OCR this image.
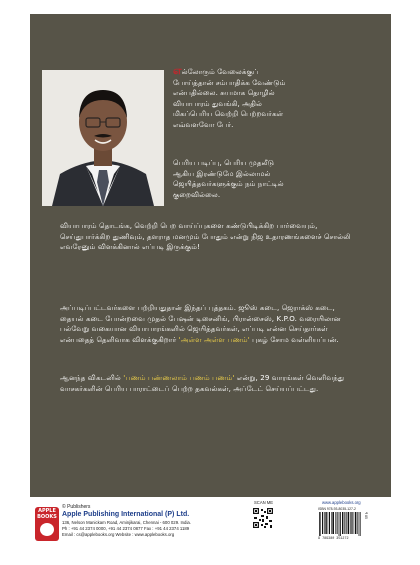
எல்லோரும் வேலைக்குப் போய்த்தான் சம்பாதிக்க வேண்டும் என்பதில்லை. சுயமாக தொழில் வியாபாரம் துவங்கி, அதில் மிகப்பெரிய வெற்றி பெற்றவர்கள் எவ்வளவோ பேர்.

பெரிய படிப்பு, பெரிய முதலீடு ஆகிய இரண்டுமே இல்லாமல் ஜெயித்தவர்களுக்கும் நம் நாட்டில் குறைவில்லை.

வியாபாரம் தொடங்க, வெற்றி பெற வாய்ப்புகளை கண்டுபிடிக்கிற பார்வையும், செய்துபார்க்கிற துணிவும், தளராத மனமும் போதும் என்று நிஜ உதாரணங்களைச் சொல்லி எவரேனும் விளக்கினால் எப்படி இருக்கும்!

அப்படிப்பட்டவர்களை பற்றியதுதான் இந்தப் புத்தகம். ஜூஸ் கடை, ஜெராக்ஸ் கடை, தையல் கடை போன்றவை முதல் பேஷன் டிசைனிங், பிரான்சைஸ், K.P.O. வரையிலான பல்வேறு வகையான வியாபாரங்களில் ஜெயித்தவர்கள், எப்படி என்ன செய்தார்கள் என்பதைத் தெளிவாக விளக்குகிறார் 'அள்ள அள்ள பணம்' புகழ் சோம வள்ளியப்பன்.

ஆனந்த விகடனில் 'பணம் பண்ணலாம் பணம் பணம்' என்று, 29 வாரங்கள் வெளிவந்து வாசகர்களின் பெரிய பாராட்டைப் பெற்ற தகவல்கள், அப்டேட் செய்யப்பட்டது.

APPLE BOOKS
© Publishers
Apple Publishing International (P) Ltd.
136, Nelson Manickam Road, Aminjikarai, Chennai - 600 029. India.
Ph : +91 44 2374 0000, +91 44 2374 0877 Fax : +91 44 2374 1189
Email : cs@applebooks.org Website : www.applebooks.org
SCAN ME	www.applebooks.org
ISBN 978-93-8035-127-2
9 789380 351272
₹ 85
